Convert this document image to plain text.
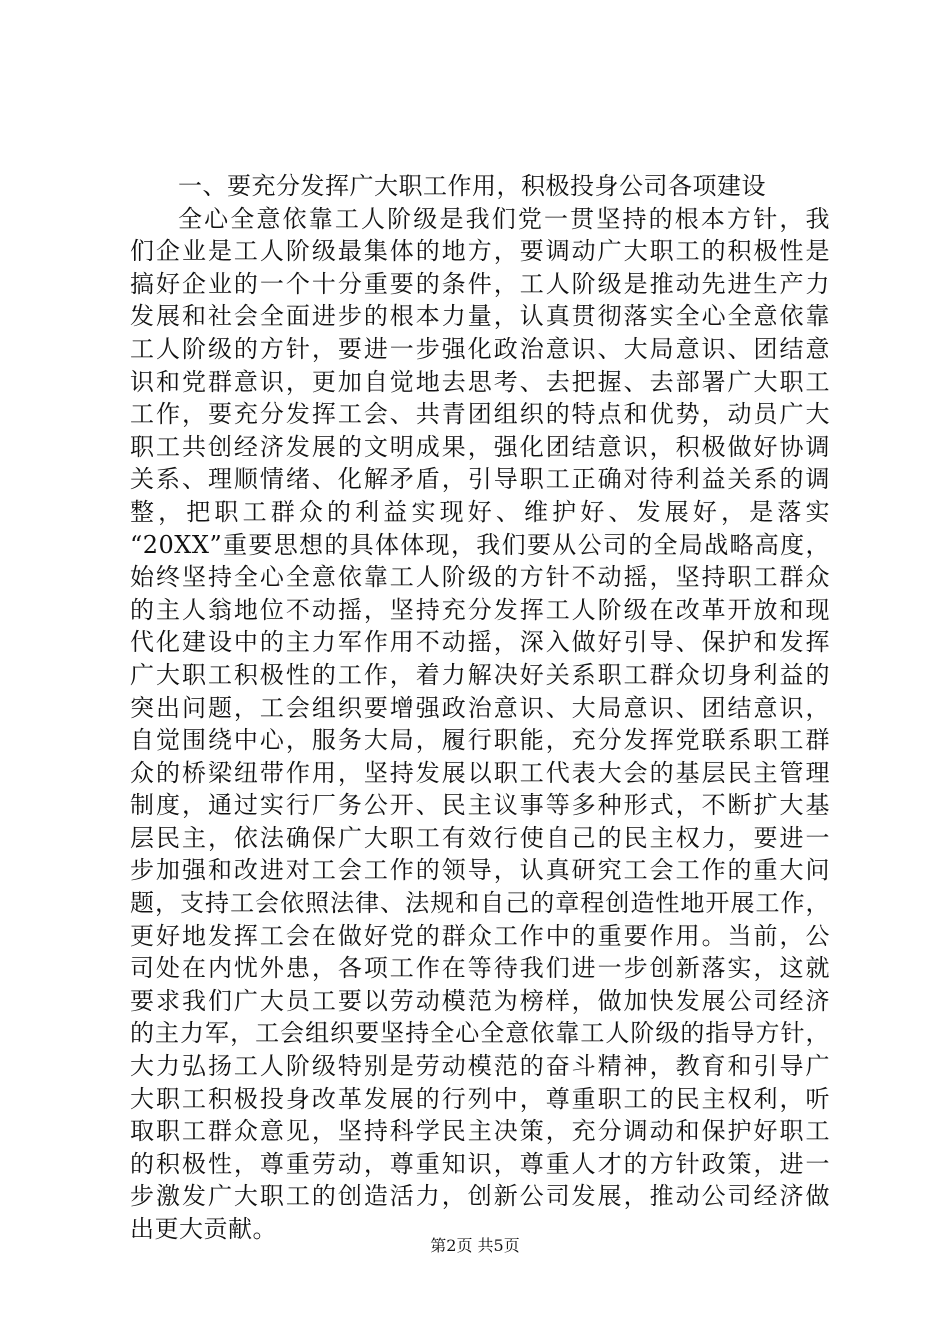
一、要充分发挥广大职工作用，积极投身公司各项建设
全心全意依靠工人阶级是我们党一贯坚持的根本方针，我
们企业是工人阶级最集体的地方，要调动广大职工的积极性是
搞好企业的一个十分重要的条件，工人阶级是推动先进生产力
发展和社会全面进步的根本力量，认真贯彻落实全心全意依靠
工人阶级的方针，要进一步强化政治意识、大局意识、团结意
识和党群意识，更加自觉地去思考、去把握、去部署广大职工
工作，要充分发挥工会、共青团组织的特点和优势，动员广大
职工共创经济发展的文明成果，强化团结意识，积极做好协调
关系、理顺情绪、化解矛盾，引导职工正确对待利益关系的调
整，把职工群众的利益实现好、维护好、发展好，是落实
“20XX”重要思想的具体体现，我们要从公司的全局战略高度，
始终坚持全心全意依靠工人阶级的方针不动摇，坚持职工群众
的主人翁地位不动摇，坚持充分发挥工人阶级在改革开放和现
代化建设中的主力军作用不动摇，深入做好引导、保护和发挥
广大职工积极性的工作，着力解决好关系职工群众切身利益的
突出问题，工会组织要增强政治意识、大局意识、团结意识，
自觉围绕中心，服务大局，履行职能，充分发挥党联系职工群
众的桥梁纽带作用，坚持发展以职工代表大会的基层民主管理
制度，通过实行厂务公开、民主议事等多种形式，不断扩大基
层民主，依法确保广大职工有效行使自己的民主权力，要进一
步加强和改进对工会工作的领导，认真研究工会工作的重大问
题，支持工会依照法律、法规和自己的章程创造性地开展工作，
更好地发挥工会在做好党的群众工作中的重要作用。当前，公
司处在内忧外患，各项工作在等待我们进一步创新落实，这就
要求我们广大员工要以劳动模范为榜样，做加快发展公司经济
的主力军，工会组织要坚持全心全意依靠工人阶级的指导方针，
大力弘扬工人阶级特别是劳动模范的奋斗精神，教育和引导广
大职工积极投身改革发展的行列中，尊重职工的民主权利，听
取职工群众意见，坚持科学民主决策，充分调动和保护好职工
的积极性，尊重劳动，尊重知识，尊重人才的方针政策，进一
步激发广大职工的创造活力，创新公司发展，推动公司经济做
出更大贡献。
第2页 共5页
